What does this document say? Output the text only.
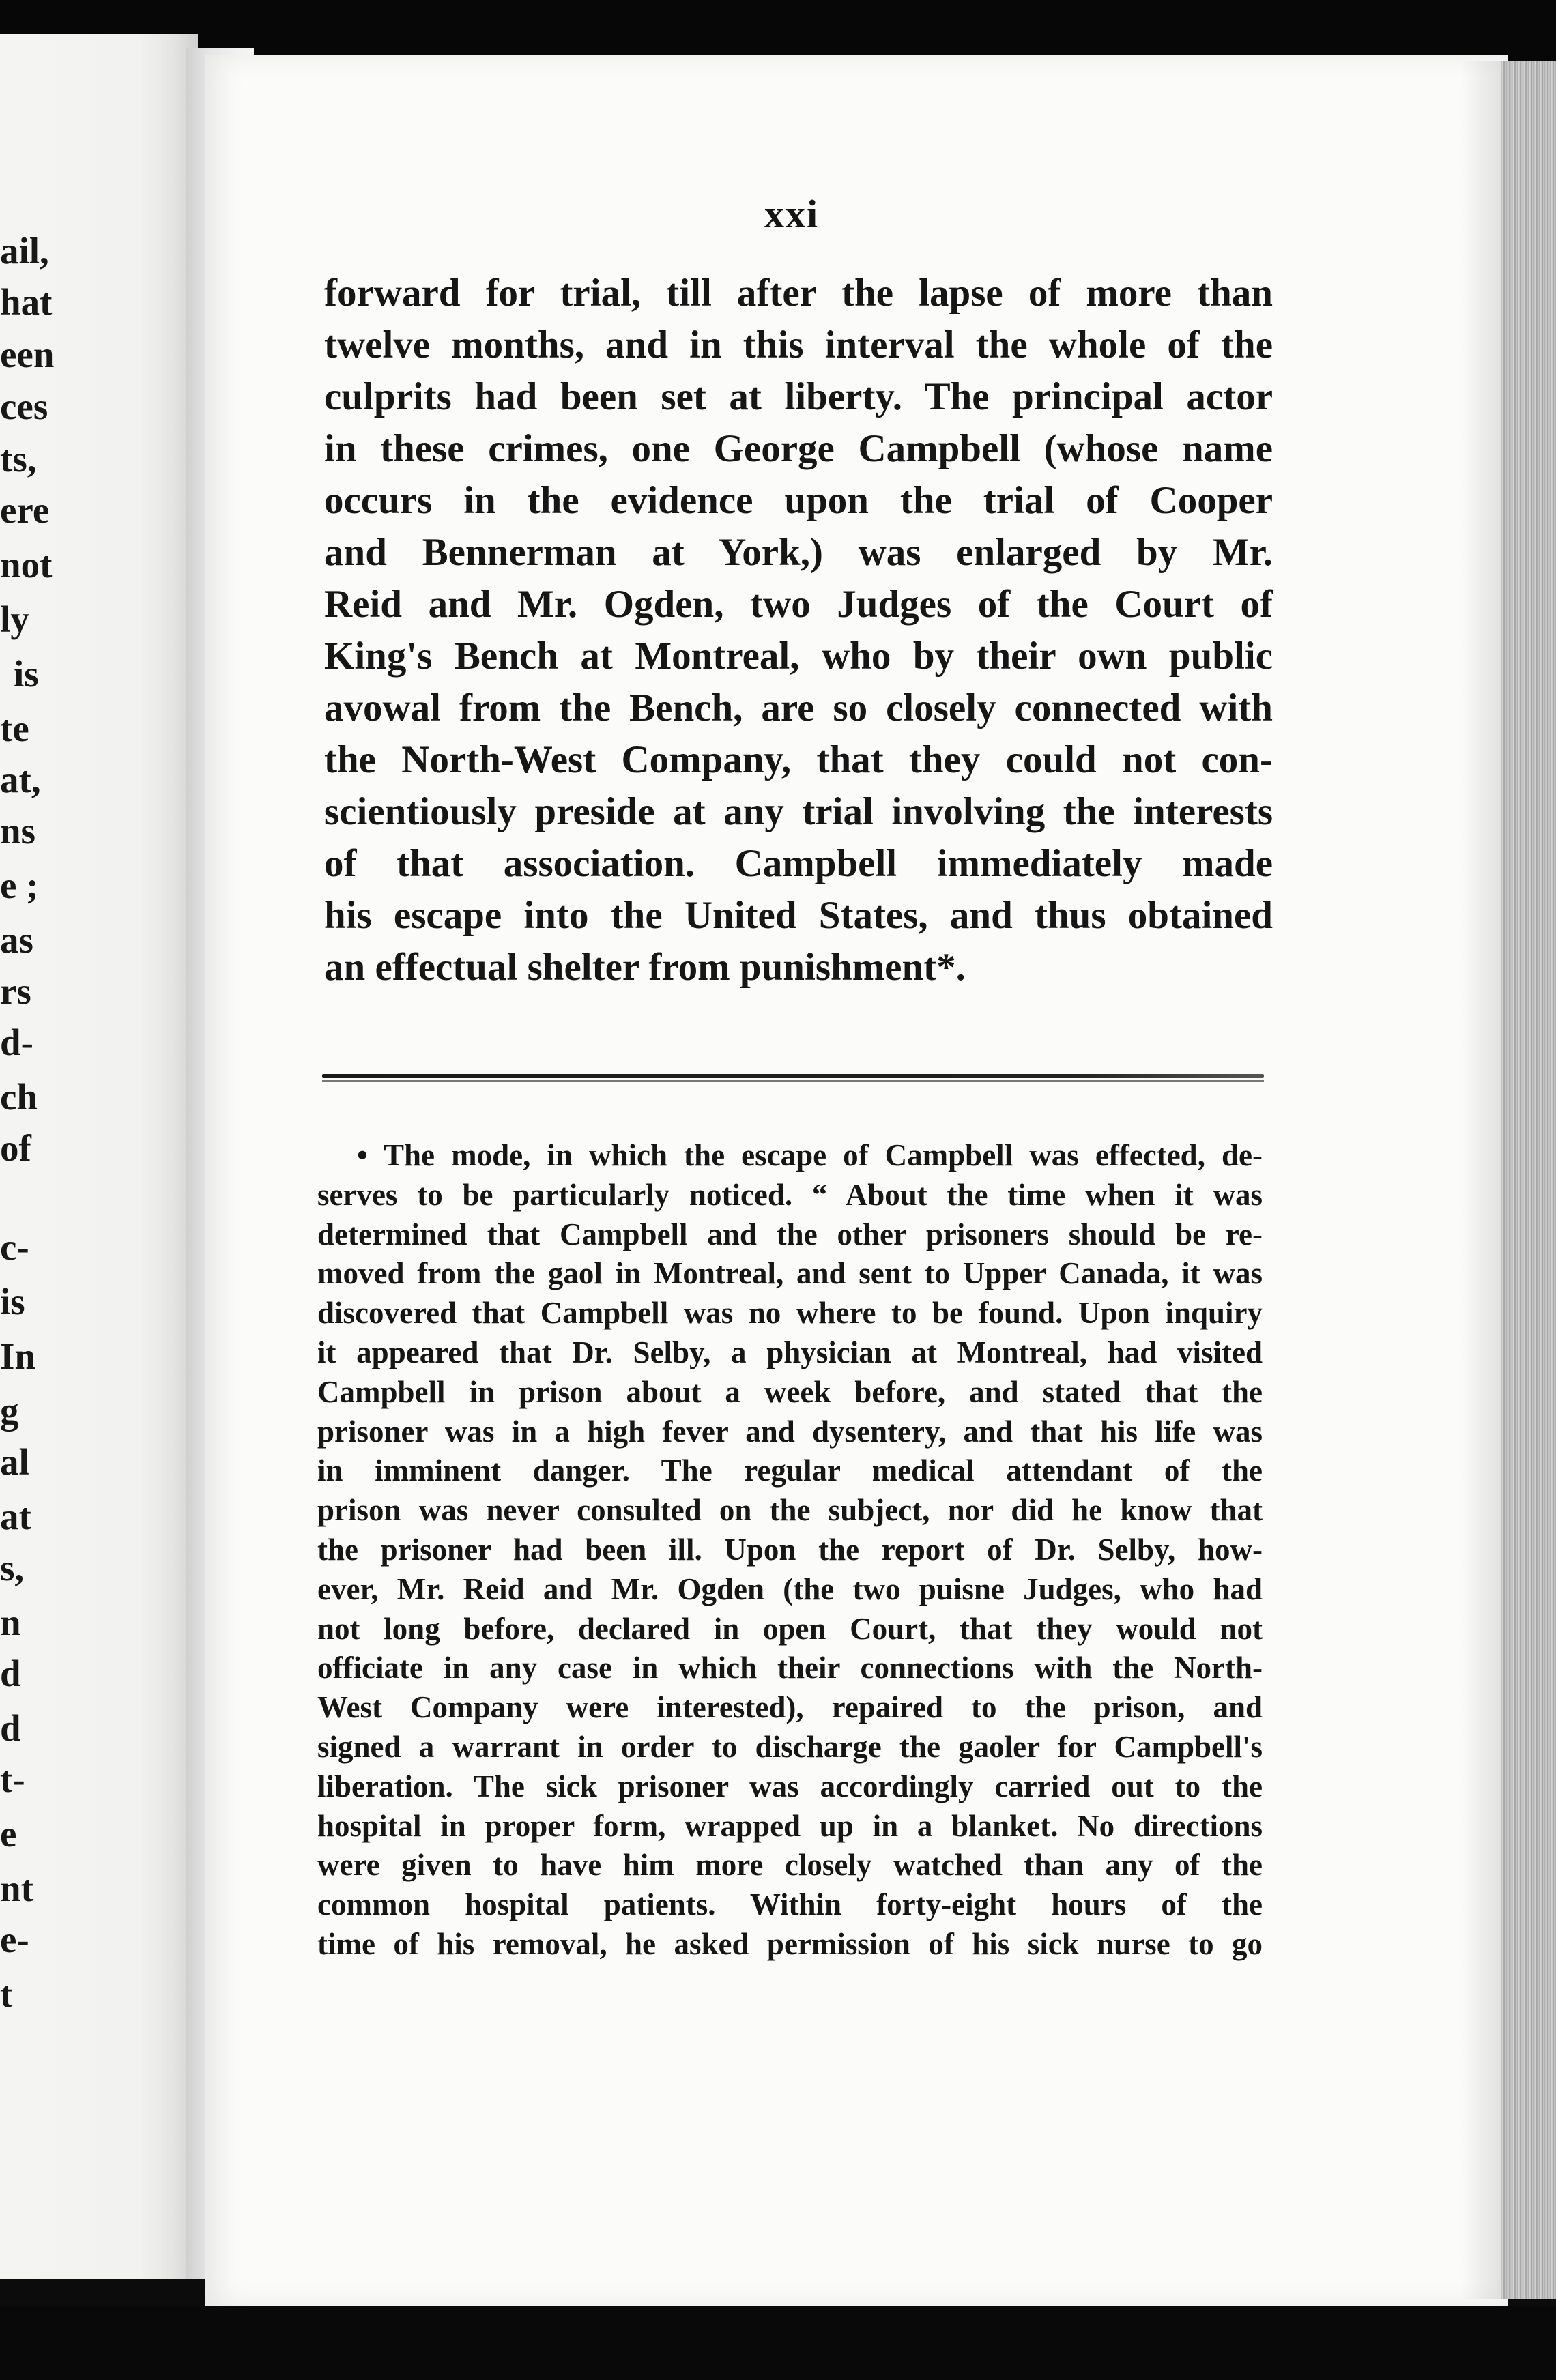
ail,
hat
een
ces
ts,
ere
not
ly
is
te
at,
ns
e ;
as
rs
d-
ch
of
c-
is
In
g
al
at
s,
n
d
d
t-
e
nt
e-
t
xxi
forward for trial, till after the lapse of more than
twelve months, and in this interval the whole of the
culprits had been set at liberty. The principal actor
in these crimes, one George Campbell (whose name
occurs in the evidence upon the trial of Cooper
and Bennerman at York,) was enlarged by Mr.
Reid and Mr. Ogden, two Judges of the Court of
King's Bench at Montreal, who by their own public
avowal from the Bench, are so closely connected with
the North-West Company, that they could not con-
scientiously preside at any trial involving the interests
of that association. Campbell immediately made
his escape into the United States, and thus obtained
an effectual shelter from punishment*.
• The mode, in which the escape of Campbell was effected, de-
serves to be particularly noticed. “ About the time when it was
determined that Campbell and the other prisoners should be re-
moved from the gaol in Montreal, and sent to Upper Canada, it was
discovered that Campbell was no where to be found. Upon inquiry
it appeared that Dr. Selby, a physician at Montreal, had visited
Campbell in prison about a week before, and stated that the
prisoner was in a high fever and dysentery, and that his life was
in imminent danger. The regular medical attendant of the
prison was never consulted on the subject, nor did he know that
the prisoner had been ill. Upon the report of Dr. Selby, how-
ever, Mr. Reid and Mr. Ogden (the two puisne Judges, who had
not long before, declared in open Court, that they would not
officiate in any case in which their connections with the North-
West Company were interested), repaired to the prison, and
signed a warrant in order to discharge the gaoler for Campbell's
liberation. The sick prisoner was accordingly carried out to the
hospital in proper form, wrapped up in a blanket. No directions
were given to have him more closely watched than any of the
common hospital patients. Within forty-eight hours of the
time of his removal, he asked permission of his sick nurse to go
